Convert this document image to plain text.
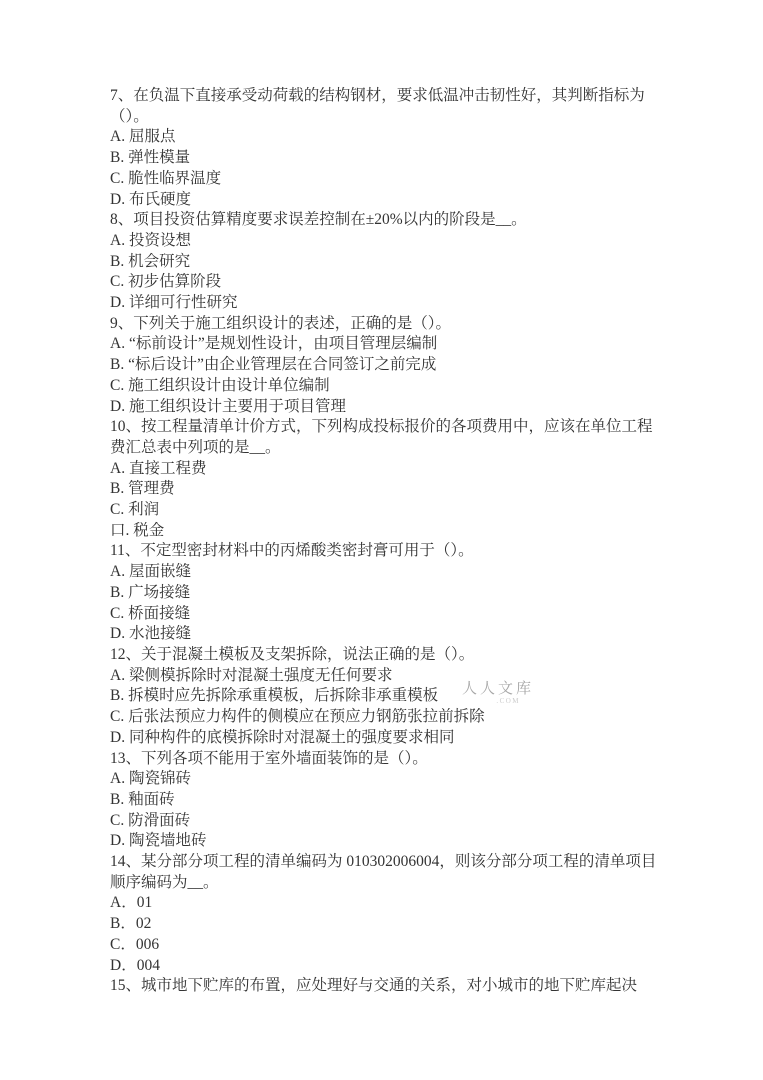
7、在负温下直接承受动荷载的结构钢材，要求低温冲击韧性好，其判断指标为（）。

A. 屈服点

B. 弹性模量

C. 脆性临界温度

D. 布氏硬度

8、项目投资估算精度要求误差控制在±20%以内的阶段是__。

A. 投资设想

B. 机会研究

C. 初步估算阶段

D. 详细可行性研究

9、下列关于施工组织设计的表述，正确的是（）。

A. “标前设计”是规划性设计，由项目管理层编制

B. “标后设计”由企业管理层在合同签订之前完成

C. 施工组织设计由设计单位编制

D. 施工组织设计主要用于项目管理

10、按工程量清单计价方式，下列构成投标报价的各项费用中，应该在单位工程费汇总表中列项的是__。

A. 直接工程费

B. 管理费

C. 利润

口. 税金

11、不定型密封材料中的丙烯酸类密封膏可用于（）。

A. 屋面嵌缝

B. 广场接缝

C. 桥面接缝

D. 水池接缝

12、关于混凝土模板及支架拆除，说法正确的是（）。

A. 梁侧模拆除时对混凝土强度无任何要求

B. 拆模时应先拆除承重模板，后拆除非承重模板

C. 后张法预应力构件的侧模应在预应力钢筋张拉前拆除

D. 同种构件的底模拆除时对混凝土的强度要求相同

13、下列各项不能用于室外墙面装饰的是（）。

A. 陶瓷锦砖

B. 釉面砖

C. 防滑面砖

D. 陶瓷墙地砖

14、某分部分项工程的清单编码为 010302006004，则该分部分项工程的清单项目顺序编码为__。

A．01

B．02

C．006

D．004

15、城市地下贮库的布置，应处理好与交通的关系，对小城市的地下贮库起决

人人文库
.COM
